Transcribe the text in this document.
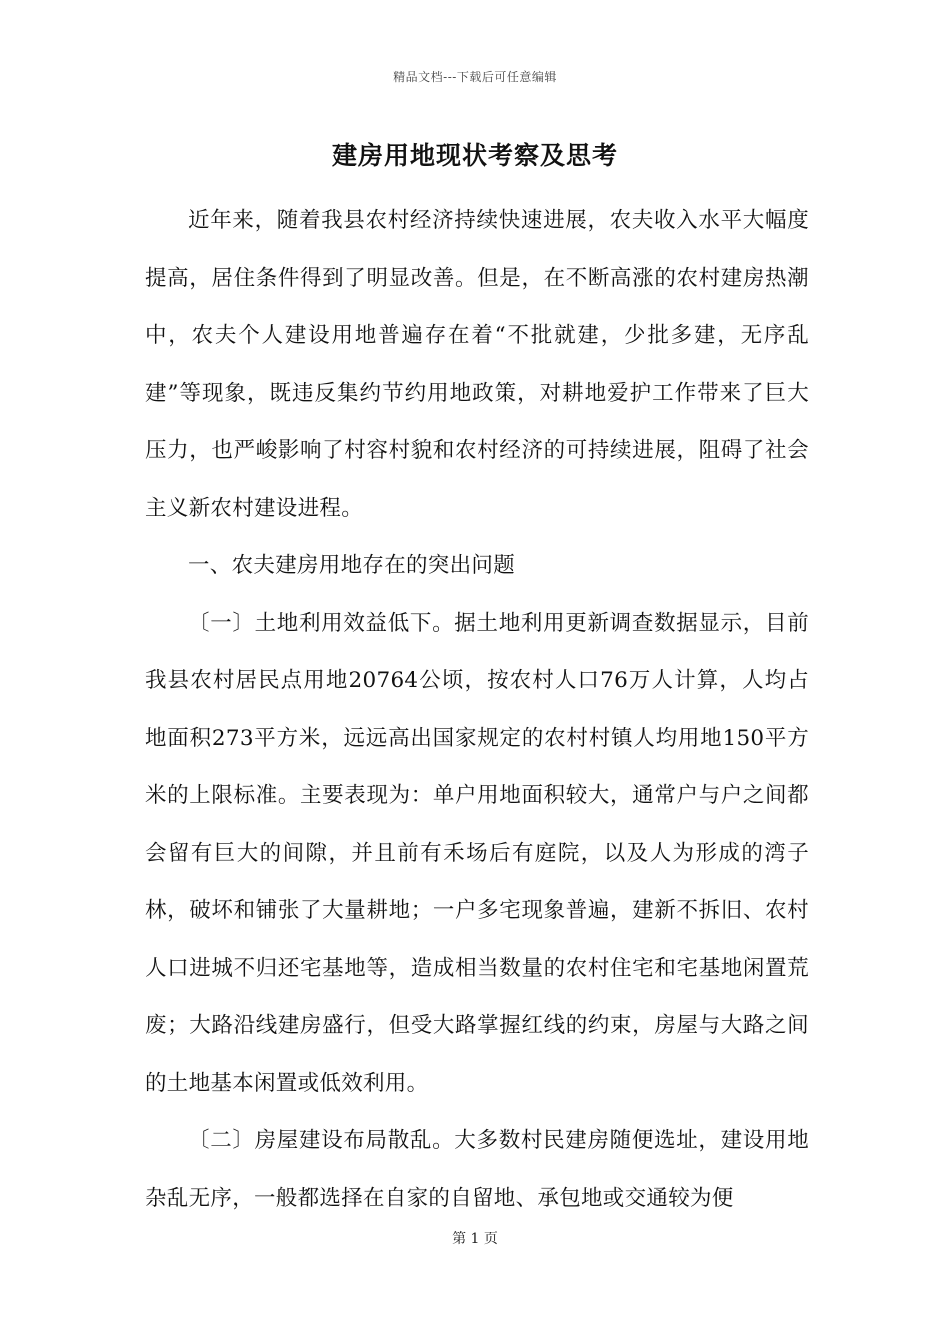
精品文档---下载后可任意编辑
建房用地现状考察及思考

近年来，随着我县农村经济持续快速进展，农夫收入水平大幅度提高，居住条件得到了明显改善。但是，在不断高涨的农村建房热潮中，农夫个人建设用地普遍存在着“不批就建，少批多建，无序乱建”等现象，既违反集约节约用地政策，对耕地爱护工作带来了巨大压力，也严峻影响了村容村貌和农村经济的可持续进展，阻碍了社会主义新农村建设进程。

一、农夫建房用地存在的突出问题

〔一〕土地利用效益低下。据土地利用更新调查数据显示，目前我县农村居民点用地20764公顷，按农村人口76万人计算，人均占地面积273平方米，远远高出国家规定的农村村镇人均用地150平方米的上限标准。主要表现为：单户用地面积较大，通常户与户之间都会留有巨大的间隙，并且前有禾场后有庭院，以及人为形成的湾子林，破坏和铺张了大量耕地；一户多宅现象普遍，建新不拆旧、农村人口进城不归还宅基地等，造成相当数量的农村住宅和宅基地闲置荒废；大路沿线建房盛行，但受大路掌握红线的约束，房屋与大路之间的土地基本闲置或低效利用。

〔二〕房屋建设布局散乱。大多数村民建房随便选址，建设用地杂乱无序，一般都选择在自家的自留地、承包地或交通较为便

第 1 页
